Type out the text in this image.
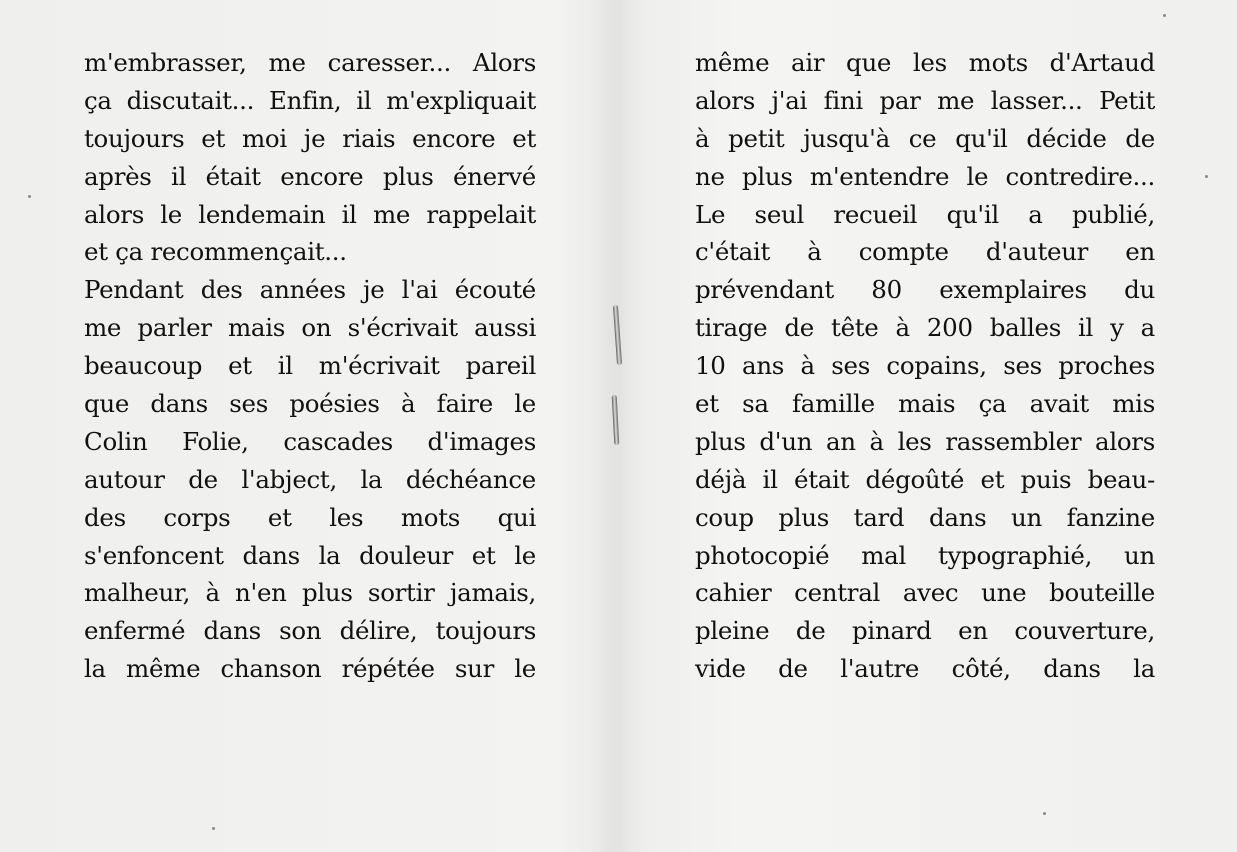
m'embrasser, me caresser... Alors
ça discutait... Enfin, il m'expliquait
toujours et moi je riais encore et
après il était encore plus énervé
alors le lendemain il me rappelait
et ça recommençait...
Pendant des années je l'ai écouté
me parler mais on s'écrivait aussi
beaucoup et il m'écrivait pareil
que dans ses poésies à faire le
Colin Folie, cascades d'images
autour de l'abject, la déchéance
des corps et les mots qui
s'enfoncent dans la douleur et le
malheur, à n'en plus sortir jamais,
enfermé dans son délire, toujours
la même chanson répétée sur le
même air que les mots d'Artaud
alors j'ai fini par me lasser... Petit
à petit jusqu'à ce qu'il décide de
ne plus m'entendre le contredire...
Le seul recueil qu'il a publié,
c'était à compte d'auteur en
prévendant 80 exemplaires du
tirage de tête à 200 balles il y a
10 ans à ses copains, ses proches
et sa famille mais ça avait mis
plus d'un an à les rassembler alors
déjà il était dégoûté et puis beau-
coup plus tard dans un fanzine
photocopié mal typographié, un
cahier central avec une bouteille
pleine de pinard en couverture,
vide de l'autre côté, dans la
